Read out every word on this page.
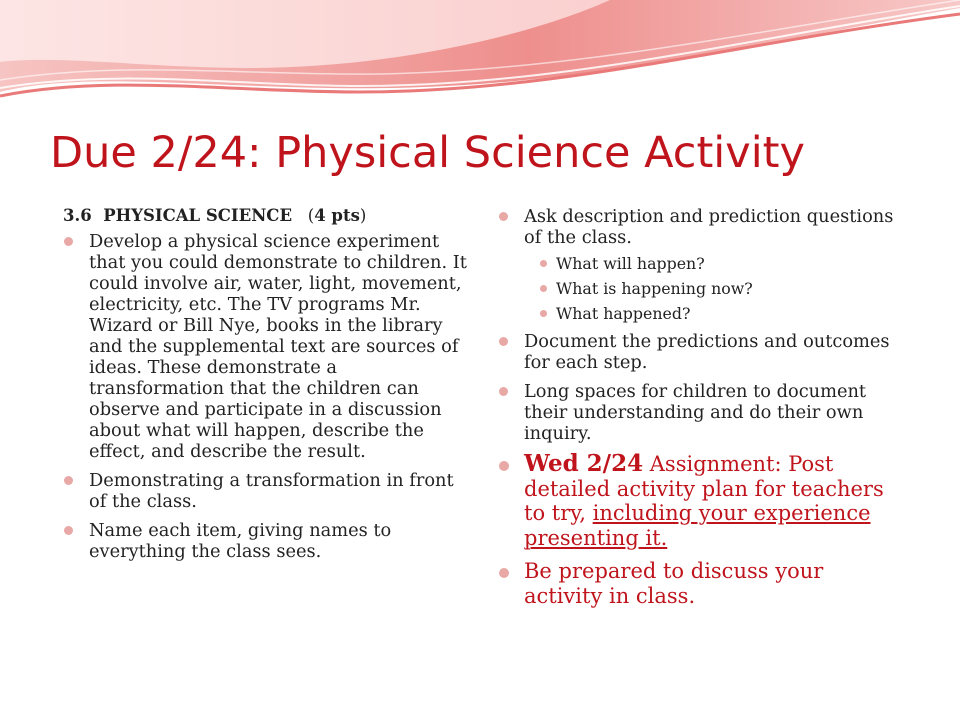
Due 2/24: Physical Science Activity
3.6  PHYSICAL SCIENCE   (4 pts)
Develop a physical science experiment that you could demonstrate to children. It could involve air, water, light, movement, electricity, etc. The TV programs Mr. Wizard or Bill Nye, books in the library and the supplemental text are sources of ideas. These demonstrate a transformation that the children can observe and participate in a discussion about what will happen, describe the effect, and describe the result.
Demonstrating a transformation in front of the class.
Name each item, giving names to everything the class sees.
Ask description and prediction questions of the class.
What will happen?
What is happening now?
What happened?
Document the predictions and outcomes for each step.
Long spaces for children to document their understanding and do their own inquiry.
Wed 2/24 Assignment: Post detailed activity plan for teachers to try, including your experience presenting it.
Be prepared to discuss your activity in class.
